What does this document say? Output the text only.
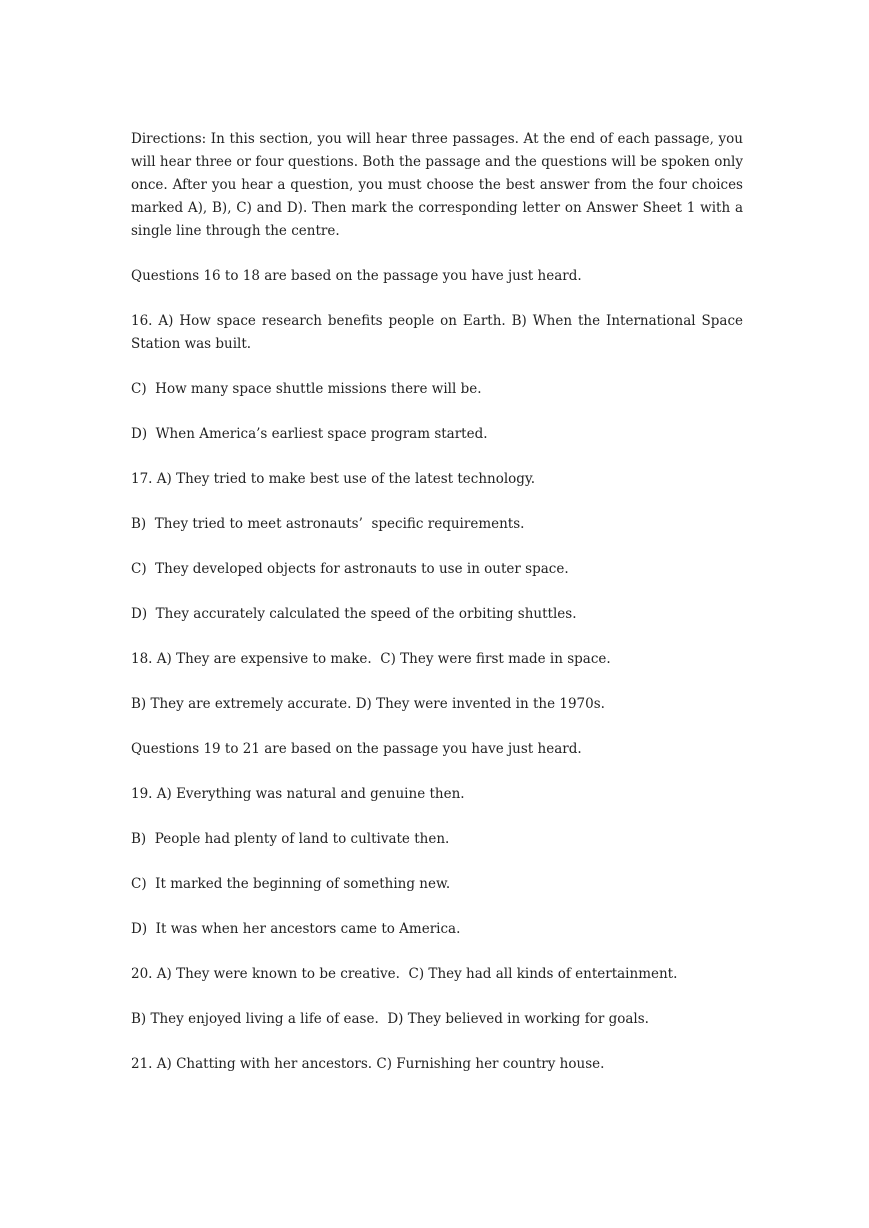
Directions: In this section, you will hear three passages. At the end of each passage, you will hear three or four questions. Both the passage and the questions will be spoken only once. After you hear a question, you must choose the best answer from the four choices marked A), B), C) and D). Then mark the corresponding letter on Answer Sheet 1 with a single line through the centre.

Questions 16 to 18 are based on the passage you have just heard.

16. A) How space research benefits people on Earth. B) When the International Space Station was built.

C)  How many space shuttle missions there will be.

D)  When America’s earliest space program started.

17. A) They tried to make best use of the latest technology.

B)  They tried to meet astronauts’  specific requirements.

C)  They developed objects for astronauts to use in outer space.

D)  They accurately calculated the speed of the orbiting shuttles.

18. A) They are expensive to make.  C) They were first made in space.

B) They are extremely accurate. D) They were invented in the 1970s.

Questions 19 to 21 are based on the passage you have just heard.

19. A) Everything was natural and genuine then.

B)  People had plenty of land to cultivate then.

C)  It marked the beginning of something new.

D)  It was when her ancestors came to America.

20. A) They were known to be creative.  C) They had all kinds of entertainment.

B) They enjoyed living a life of ease.  D) They believed in working for goals.

21. A) Chatting with her ancestors. C) Furnishing her country house.
